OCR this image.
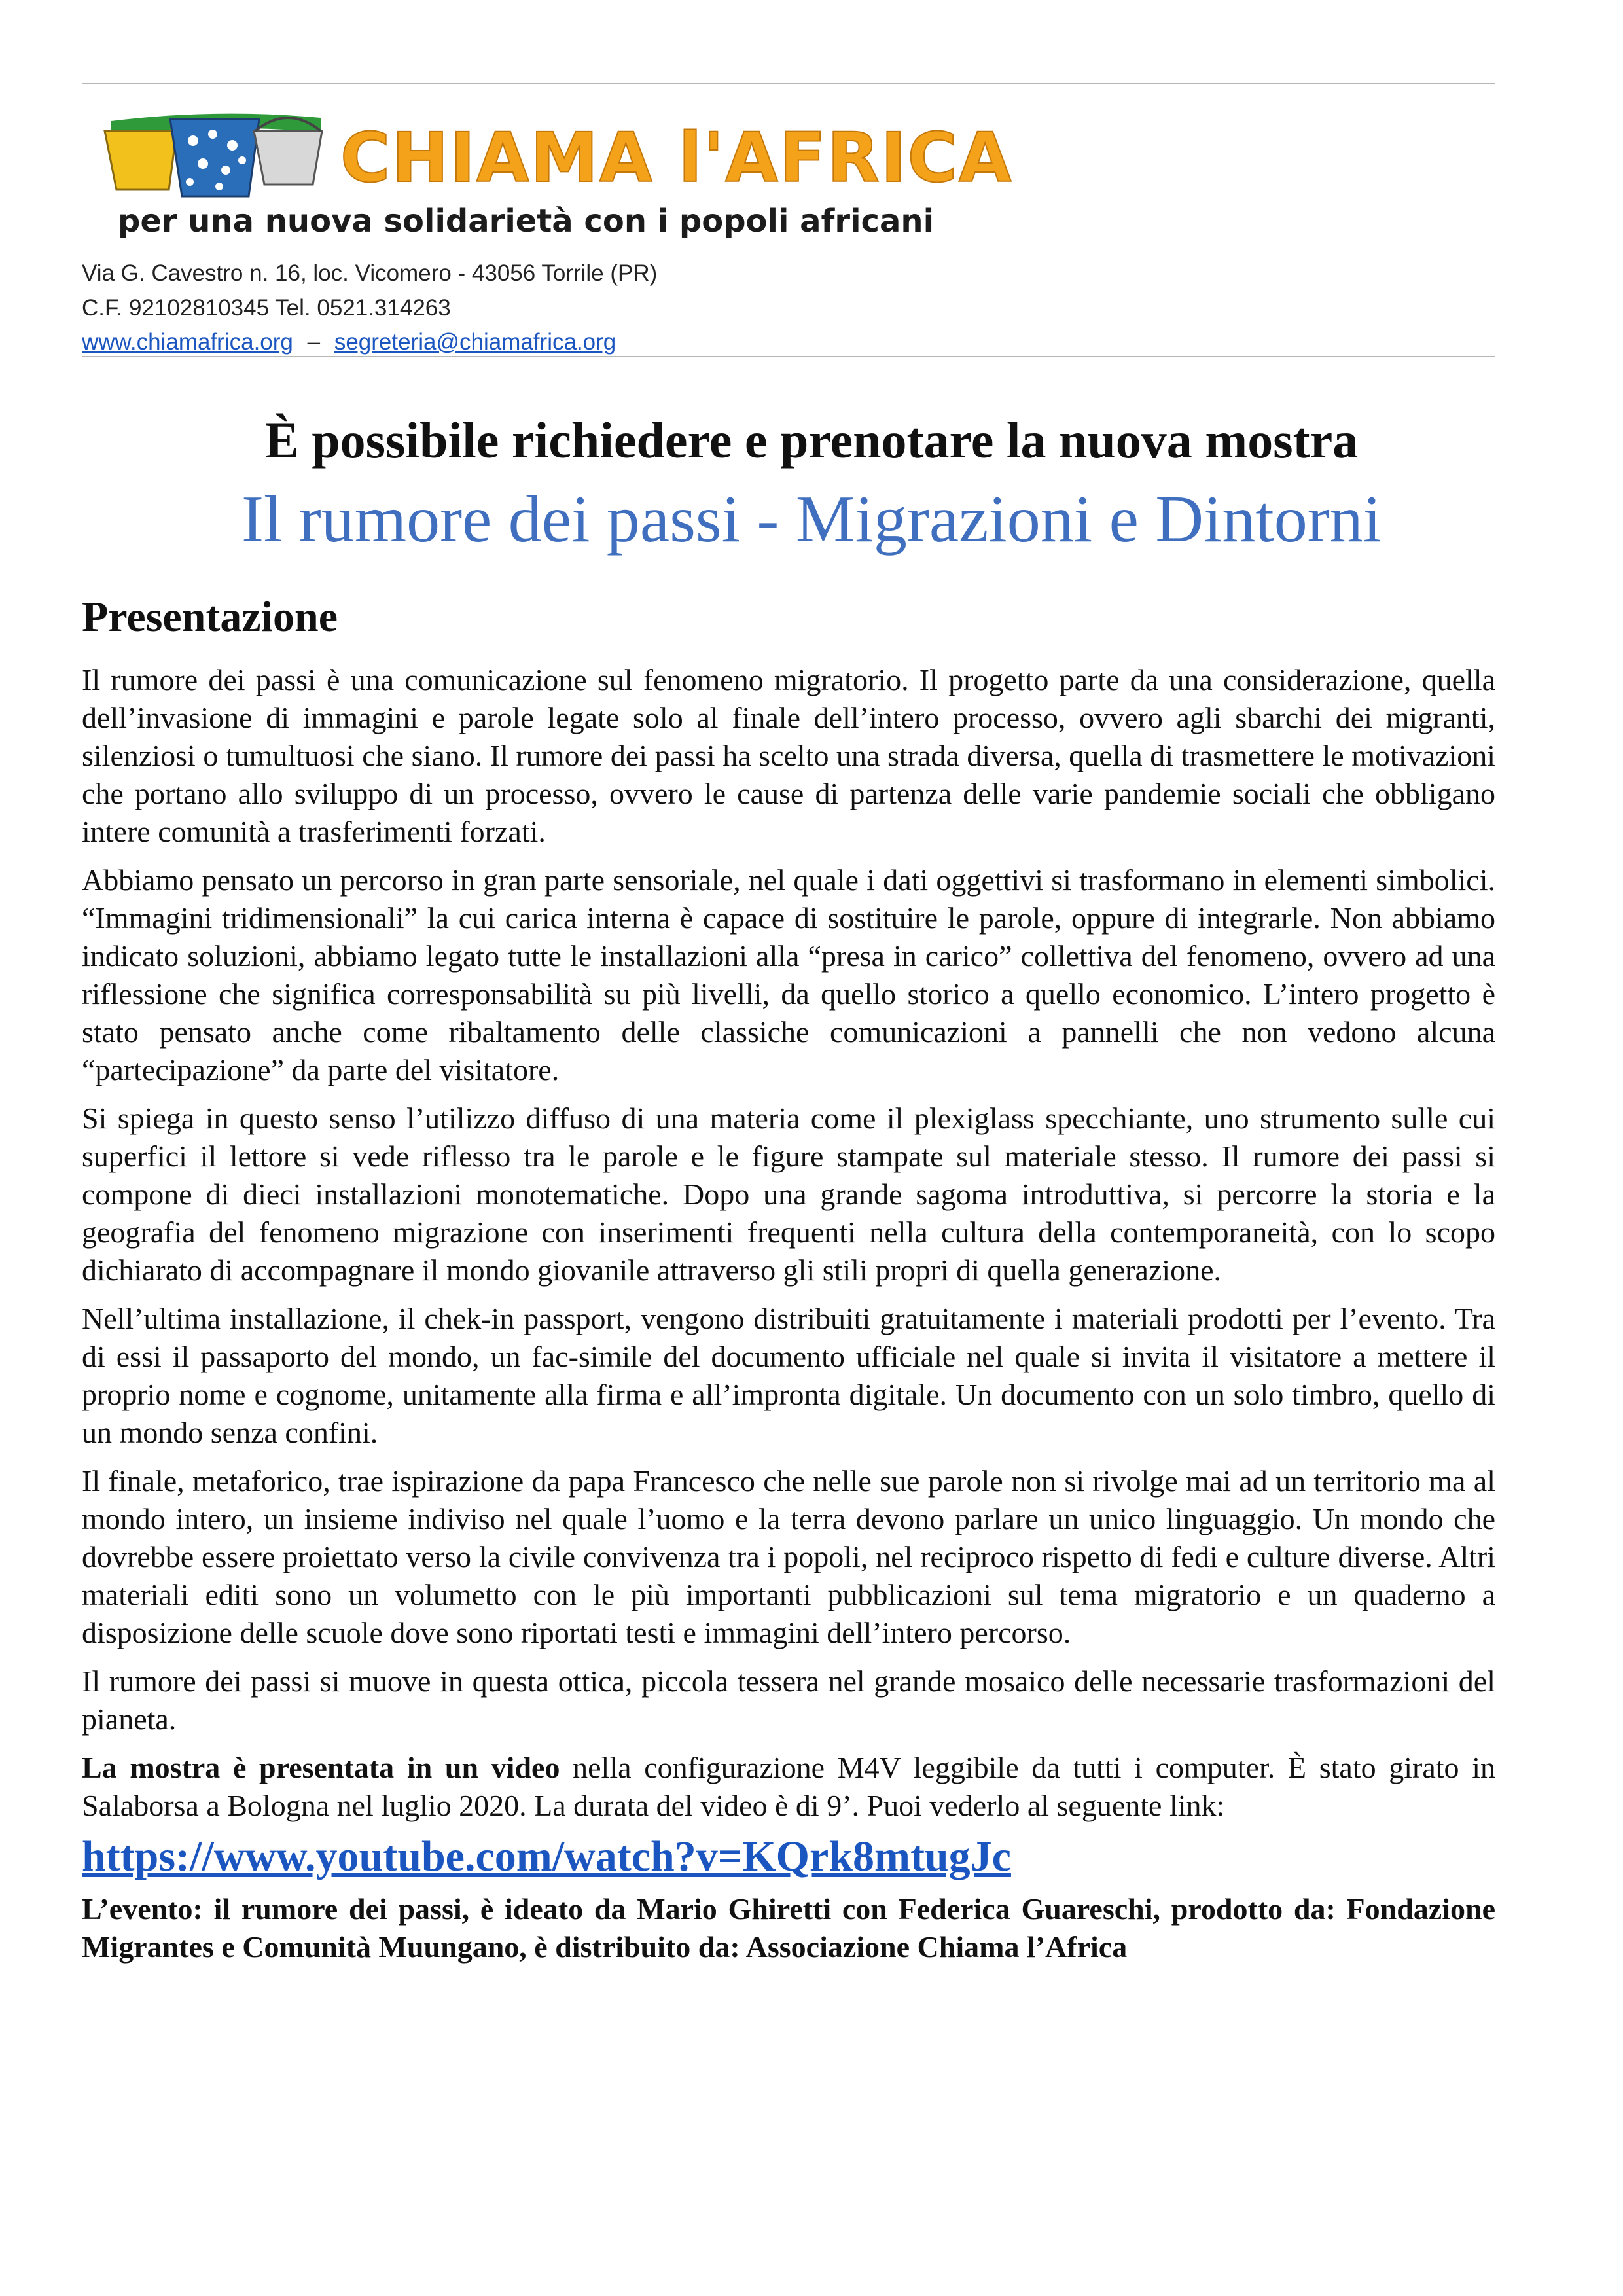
CHIAMA l'AFRICA
per una nuova solidarietà con i popoli africani
Via G. Cavestro n. 16, loc. Vicomero - 43056 Torrile (PR)
C.F. 92102810345 Tel. 0521.314263
www.chiamafrica.org – segreteria@chiamafrica.org
È possibile richiedere e prenotare la nuova mostra
Il rumore dei passi - Migrazioni e Dintorni
Presentazione

Il rumore dei passi è una comunicazione sul fenomeno migratorio. Il progetto parte da una considerazione, quella dell’invasione di immagini e parole legate solo al finale dell’intero processo, ovvero agli sbarchi dei migranti, silenziosi o tumultuosi che siano. Il rumore dei passi ha scelto una strada diversa, quella di trasmettere le motivazioni che portano allo sviluppo di un processo, ovvero le cause di partenza delle varie pandemie sociali che obbligano intere comunità a trasferimenti forzati.

Abbiamo pensato un percorso in gran parte sensoriale, nel quale i dati oggettivi si trasformano in elementi simbolici. “Immagini tridimensionali” la cui carica interna è capace di sostituire le parole, oppure di integrarle. Non abbiamo indicato soluzioni, abbiamo legato tutte le installazioni alla “presa in carico” collettiva del fenomeno, ovvero ad una riflessione che significa corresponsabilità su più livelli, da quello storico a quello economico. L’intero progetto è stato pensato anche come ribaltamento delle classiche comunicazioni a pannelli che non vedono alcuna “partecipazione” da parte del visitatore.

Si spiega in questo senso l’utilizzo diffuso di una materia come il plexiglass specchiante, uno strumento sulle cui superfici il lettore si vede riflesso tra le parole e le figure stampate sul materiale stesso. Il rumore dei passi si compone di dieci installazioni monotematiche. Dopo una grande sagoma introduttiva, si percorre la storia e la geografia del fenomeno migrazione con inserimenti frequenti nella cultura della contemporaneità, con lo scopo dichiarato di accompagnare il mondo giovanile attraverso gli stili propri di quella generazione.

Nell’ultima installazione, il chek-in passport, vengono distribuiti gratuitamente i materiali prodotti per l’evento. Tra di essi il passaporto del mondo, un fac-simile del documento ufficiale nel quale si invita il visitatore a mettere il proprio nome e cognome, unitamente alla firma e all’impronta digitale. Un documento con un solo timbro, quello di un mondo senza confini.

Il finale, metaforico, trae ispirazione da papa Francesco che nelle sue parole non si rivolge mai ad un territorio ma al mondo intero, un insieme indiviso nel quale l’uomo e la terra devono parlare un unico linguaggio. Un mondo che dovrebbe essere proiettato verso la civile convivenza tra i popoli, nel reciproco rispetto di fedi e culture diverse. Altri materiali editi sono un volumetto con le più importanti pubblicazioni sul tema migratorio e un quaderno a disposizione delle scuole dove sono riportati testi e immagini dell’intero percorso.

Il rumore dei passi si muove in questa ottica, piccola tessera nel grande mosaico delle necessarie trasformazioni del pianeta.

La mostra è presentata in un video nella configurazione M4V leggibile da tutti i computer. È stato girato in Salaborsa a Bologna nel luglio 2020. La durata del video è di 9’. Puoi vederlo al seguente link:

https://www.youtube.com/watch?v=KQrk8mtugJc

L’evento: il rumore dei passi, è ideato da Mario Ghiretti con Federica Guareschi, prodotto da: Fondazione Migrantes e Comunità Muungano, è distribuito da: Associazione Chiama l’Africa
